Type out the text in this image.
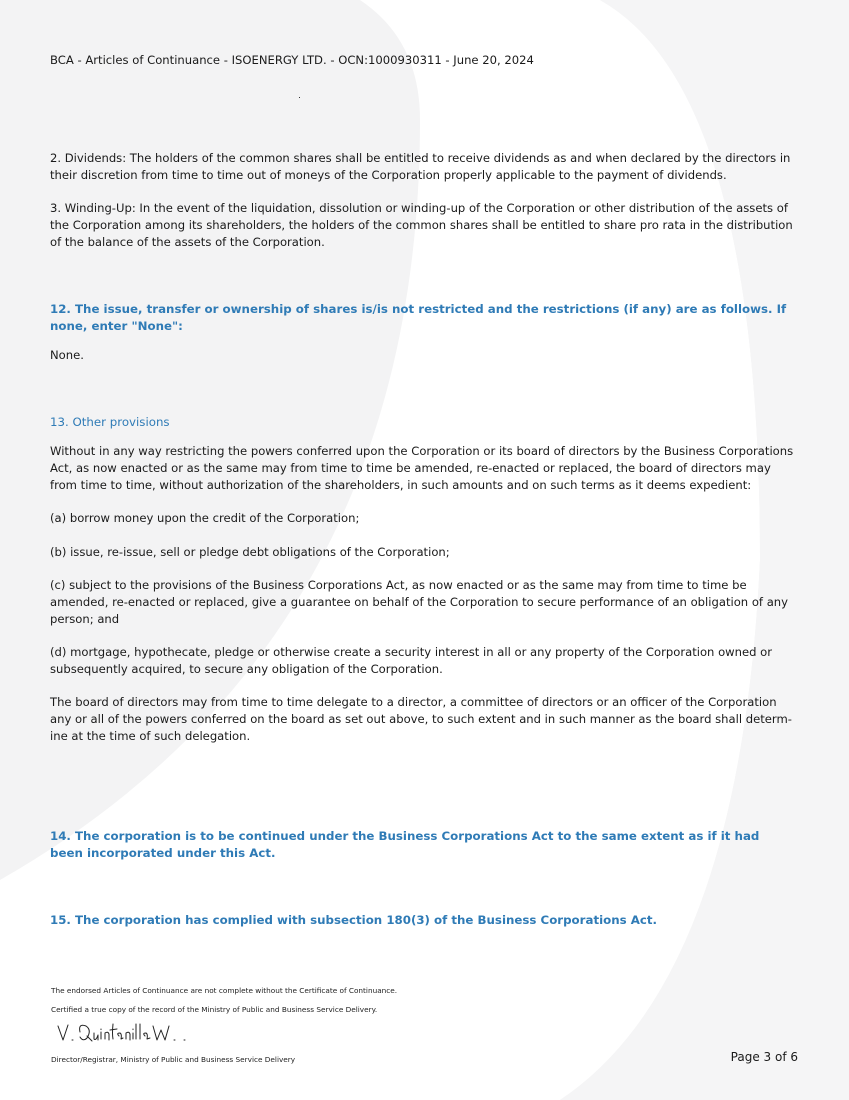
BCA - Articles of Continuance - ISOENERGY LTD. - OCN:1000930311 - June 20, 2024
2. Dividends: The holders of the common shares shall be entitled to receive dividends as and when declared by the directors in their discretion from time to time out of moneys of the Corporation properly applicable to the payment of dividends.
3. Winding-Up: In the event of the liquidation, dissolution or winding-up of the Corporation or other distribution of the assets of the Corporation among its shareholders, the holders of the common shares shall be entitled to share pro rata in the distribution of the balance of the assets of the Corporation.
12. The issue, transfer or ownership of shares is/is not restricted and the restrictions (if any) are as follows. If none, enter "None":
None.
13. Other provisions
Without in any way restricting the powers conferred upon the Corporation or its board of directors by the Business Corporations Act, as now enacted or as the same may from time to time be amended, re-enacted or replaced, the board of directors may from time to time, without authorization of the shareholders, in such amounts and on such terms as it deems expedient:
(a) borrow money upon the credit of the Corporation;
(b) issue, re-issue, sell or pledge debt obligations of the Corporation;
(c) subject to the provisions of the Business Corporations Act, as now enacted or as the same may from time to time be amended, re-enacted or replaced, give a guarantee on behalf of the Corporation to secure performance of an obligation of any person; and
(d) mortgage, hypothecate, pledge or otherwise create a security interest in all or any property of the Corporation owned or subsequently acquired, to secure any obligation of the Corporation.
The board of directors may from time to time delegate to a director, a committee of directors or an officer of the Corporation any or all of the powers conferred on the board as set out above, to such extent and in such manner as the board shall determ-ine at the time of such delegation.
14. The corporation is to be continued under the Business Corporations Act to the same extent as if it had been incorporated under this Act.
15. The corporation has complied with subsection 180(3) of the Business Corporations Act.
The endorsed Articles of Continuance are not complete without the Certificate of Continuance.
Certified a true copy of the record of the Ministry of Public and Business Service Delivery.
Director/Registrar, Ministry of Public and Business Service Delivery	Page 3 of 6
